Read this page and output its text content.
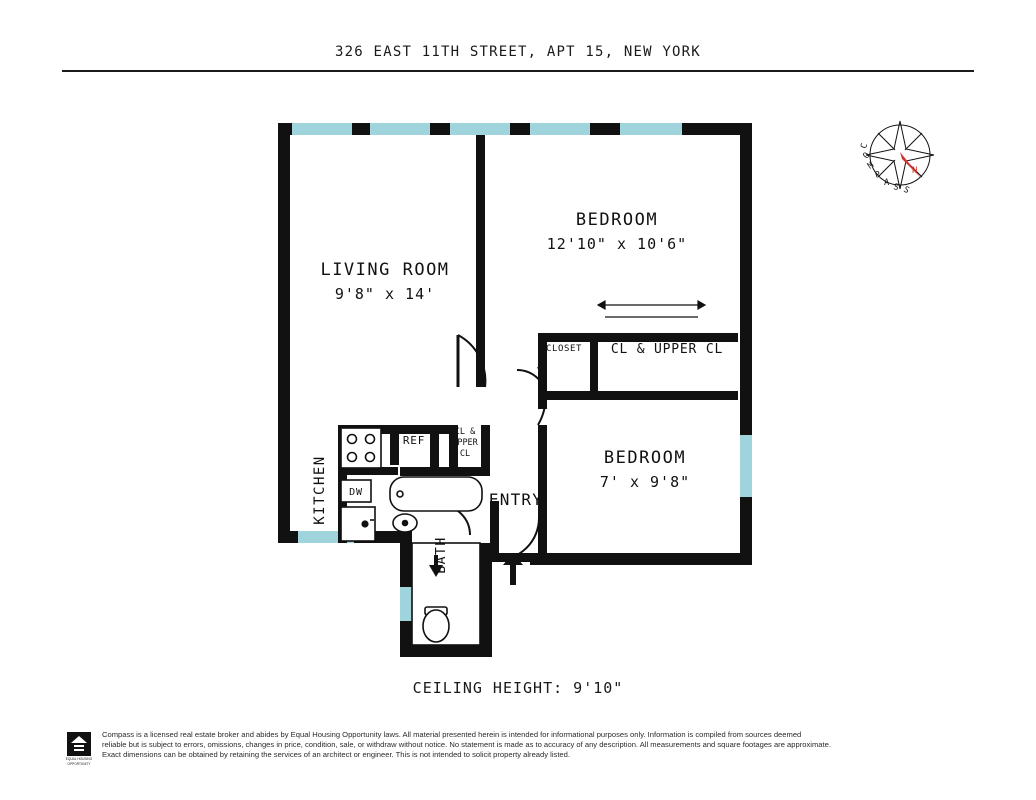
326 EAST 11TH STREET, APT 15, NEW YORK
LIVING ROOM
9'8" x 14'
BEDROOM
12'10" x 10'6"
BEDROOM
7' x 9'8"
KITCHEN
BATH
ENTRY
CLOSET CL & UPPER CL
CL &
UPPER
CL
REF
DW
N
C
O
M
P
A S S
CEILING HEIGHT: 9'10"
EQUAL HOUSING
OPPORTUNITY

Compass is a licensed real estate broker and abides by Equal Housing Opportunity laws. All material presented herein is intended for informational purposes only. Information is compiled from sources deemed

reliable but is subject to errors, omissions, changes in price, condition, sale, or withdraw without notice. No statement is made as to accuracy of any description. All measurements and square footages are approximate.

Exact dimensions can be obtained by retaining the services of an architect or engineer. This is not intended to solicit property already listed.
